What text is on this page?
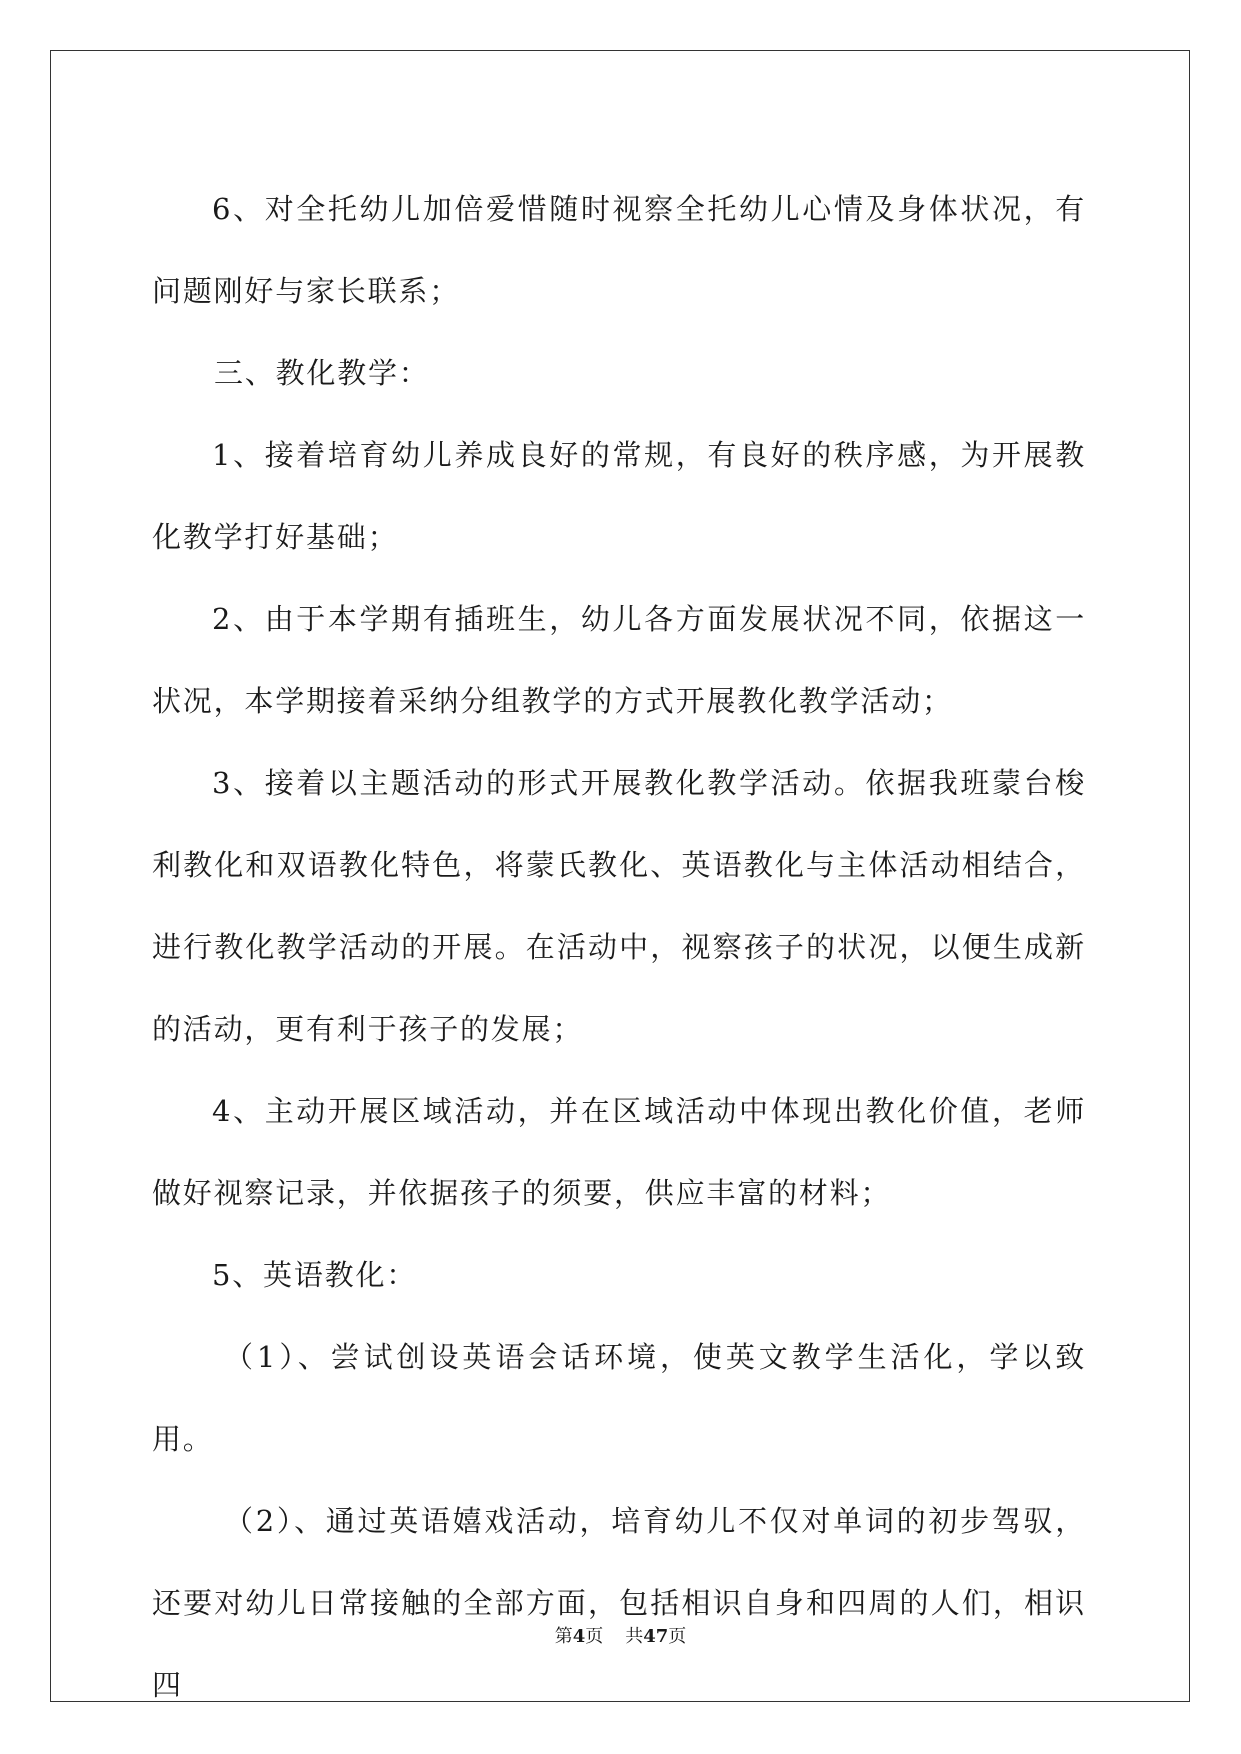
6、对全托幼儿加倍爱惜随时视察全托幼儿心情及身体状况，有问题刚好与家长联系；

三、教化教学：

1、接着培育幼儿养成良好的常规，有良好的秩序感，为开展教化教学打好基础；

2、由于本学期有插班生，幼儿各方面发展状况不同，依据这一状况，本学期接着采纳分组教学的方式开展教化教学活动；

3、接着以主题活动的形式开展教化教学活动。依据我班蒙台梭利教化和双语教化特色，将蒙氏教化、英语教化与主体活动相结合，进行教化教学活动的开展。在活动中，视察孩子的状况，以便生成新的活动，更有利于孩子的发展；

4、主动开展区域活动，并在区域活动中体现出教化价值，老师做好视察记录，并依据孩子的须要，供应丰富的材料；

5、英语教化：

（1）、尝试创设英语会话环境，使英文教学生活化，学以致用。

（2）、通过英语嬉戏活动，培育幼儿不仅对单词的初步驾驭，还要对幼儿日常接触的全部方面，包括相识自身和四周的人们，相识四

第4页 共47页
